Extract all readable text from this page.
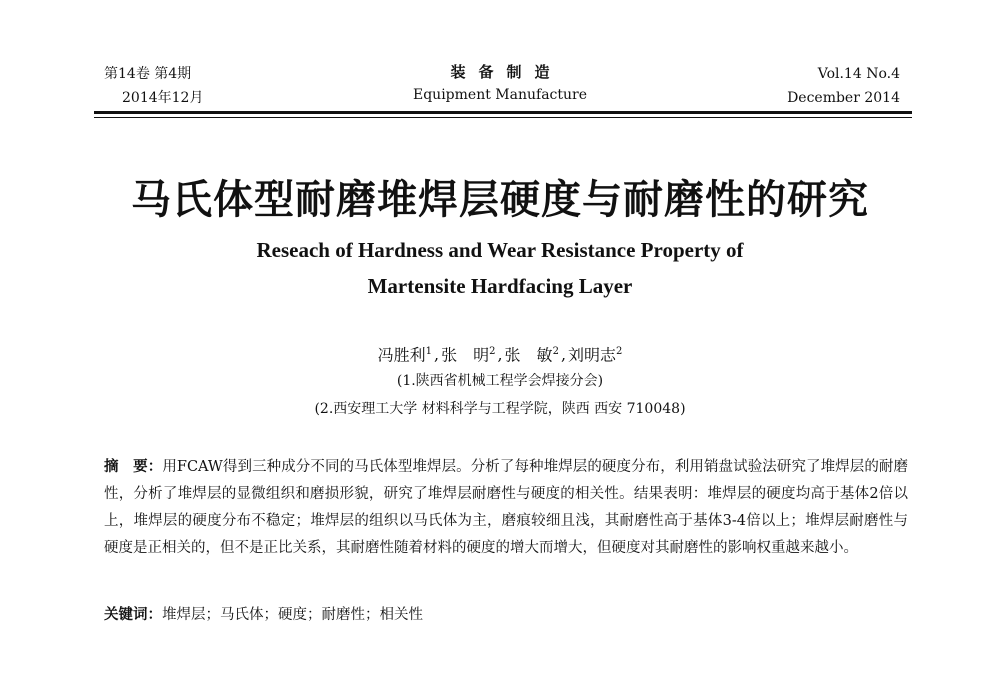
第14卷 第4期
2014年12月
装备制造
Equipment Manufacture
Vol.14 No.4
December 2014
马氏体型耐磨堆焊层硬度与耐磨性的研究
Reseach of Hardness and Wear Resistance Property of
Martensite Hardfacing Layer
冯胜利$^1$ , 张　明$^2$ , 张　敏$^2$ , 刘明志$^2$
(1.陕西省机械工程学会焊接分会)
(2.西安理工大学 材料科学与工程学院，陕西 西安 710048)
摘　要：用FCAW得到三种成分不同的马氏体型堆焊层。分析了每种堆焊层的硬度分布，利用销盘试验法研究了堆焊层的耐磨性，分析了堆焊层的显微组织和磨损形貌，研究了堆焊层耐磨性与硬度的相关性。结果表明：堆焊层的硬度均高于基体2倍以上，堆焊层的硬度分布不稳定；堆焊层的组织以马氏体为主，磨痕较细且浅，其耐磨性高于基体3-4倍以上；堆焊层耐磨性与硬度是正相关的，但不是正比关系，其耐磨性随着材料的硬度的增大而增大，但硬度对其耐磨性的影响权重越来越小。
关键词：堆焊层；马氏体；硬度；耐磨性；相关性
